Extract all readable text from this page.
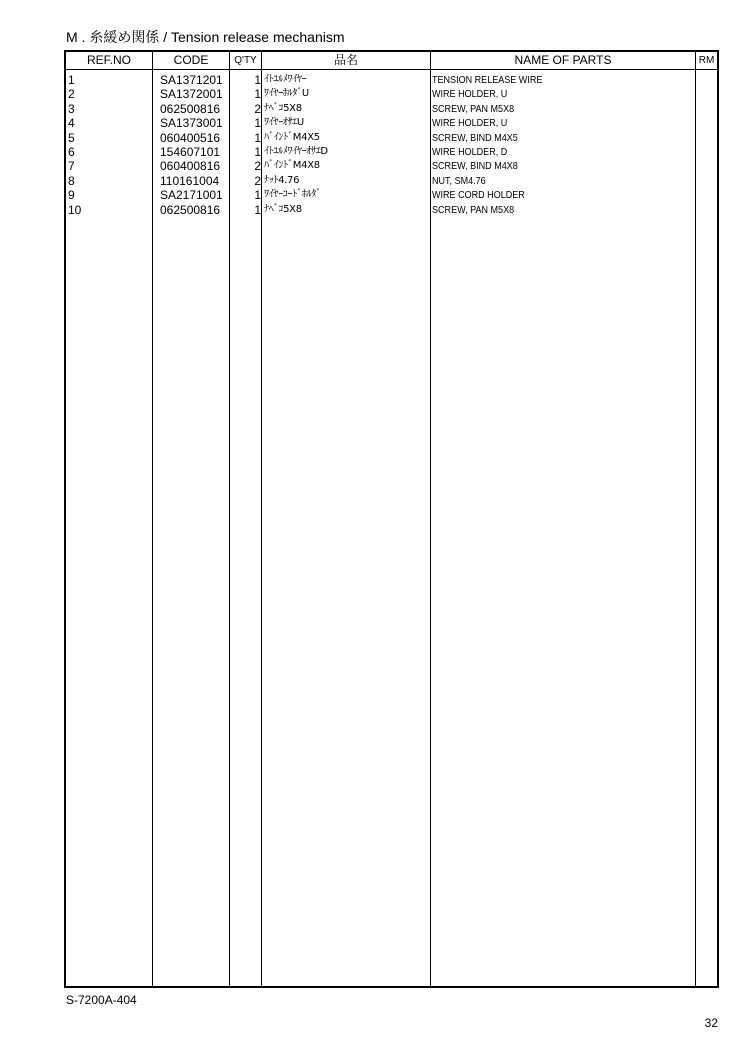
M . 糸緩め関係 / Tension release mechanism
REF.NO	CODE	Q'TY	品名	NAME OF PARTS	RM
1	SA1371201	1 ｲﾄﾕﾙﾒﾜｲﾔｰ	TENSION RELEASE WIRE
2	SA1372001	1 ﾜｲﾔｰﾎﾙﾀﾞU	WIRE HOLDER, U
3	062500816	2 ﾅﾍﾞｺ5X8	SCREW, PAN M5X8
4	SA1373001	1 ﾜｲﾔｰｵｻｴU	WIRE HOLDER, U
5	060400516	1 ﾊﾞｲﾝﾄﾞM4X5	SCREW, BIND M4X5
6	154607101	1 ｲﾄﾕﾙﾒﾜｲﾔｰｵｻｴD	WIRE HOLDER, D
7	060400816	2 ﾊﾞｲﾝﾄﾞM4X8	SCREW, BIND M4X8
8	110161004	2 ﾅｯﾄ4.76	NUT, SM4.76
9	SA2171001	1 ﾜｲﾔｰｺｰﾄﾞﾎﾙﾀﾞ	WIRE CORD HOLDER
10	062500816	1 ﾅﾍﾞｺ5X8	SCREW, PAN M5X8
S-7200A-404
32
